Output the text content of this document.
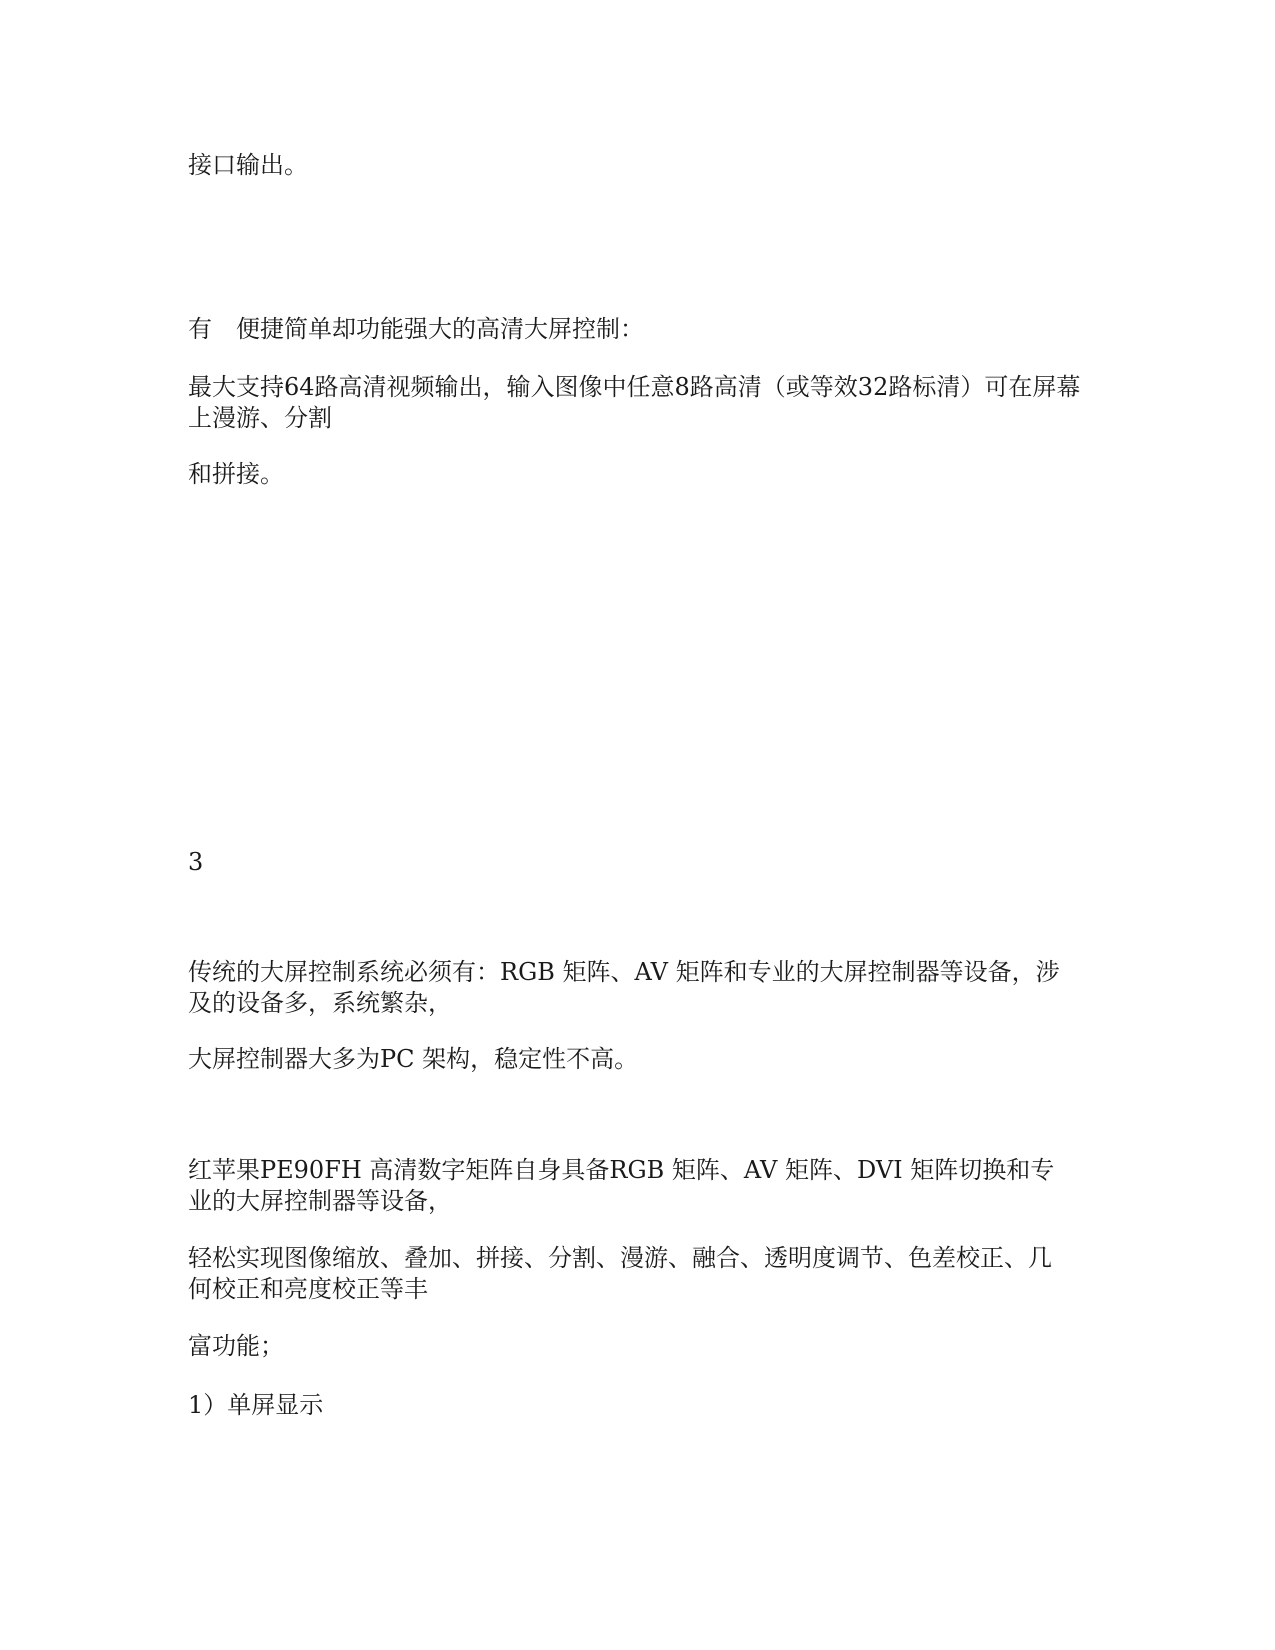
接口输出。

有　便捷简单却功能强大的高清大屏控制：

最大支持64路高清视频输出，输入图像中任意8路高清（或等效32路标清）可在屏幕
上漫游、分割

和拼接。

3

传统的大屏控制系统必须有：RGB 矩阵、AV 矩阵和专业的大屏控制器等设备，涉
及的设备多，系统繁杂，

大屏控制器大多为PC 架构，稳定性不高。

红苹果PE90FH 高清数字矩阵自身具备RGB 矩阵、AV 矩阵、DVI 矩阵切换和专
业的大屏控制器等设备，

轻松实现图像缩放、叠加、拼接、分割、漫游、融合、透明度调节、色差校正、几
何校正和亮度校正等丰

富功能；

1）单屏显示
